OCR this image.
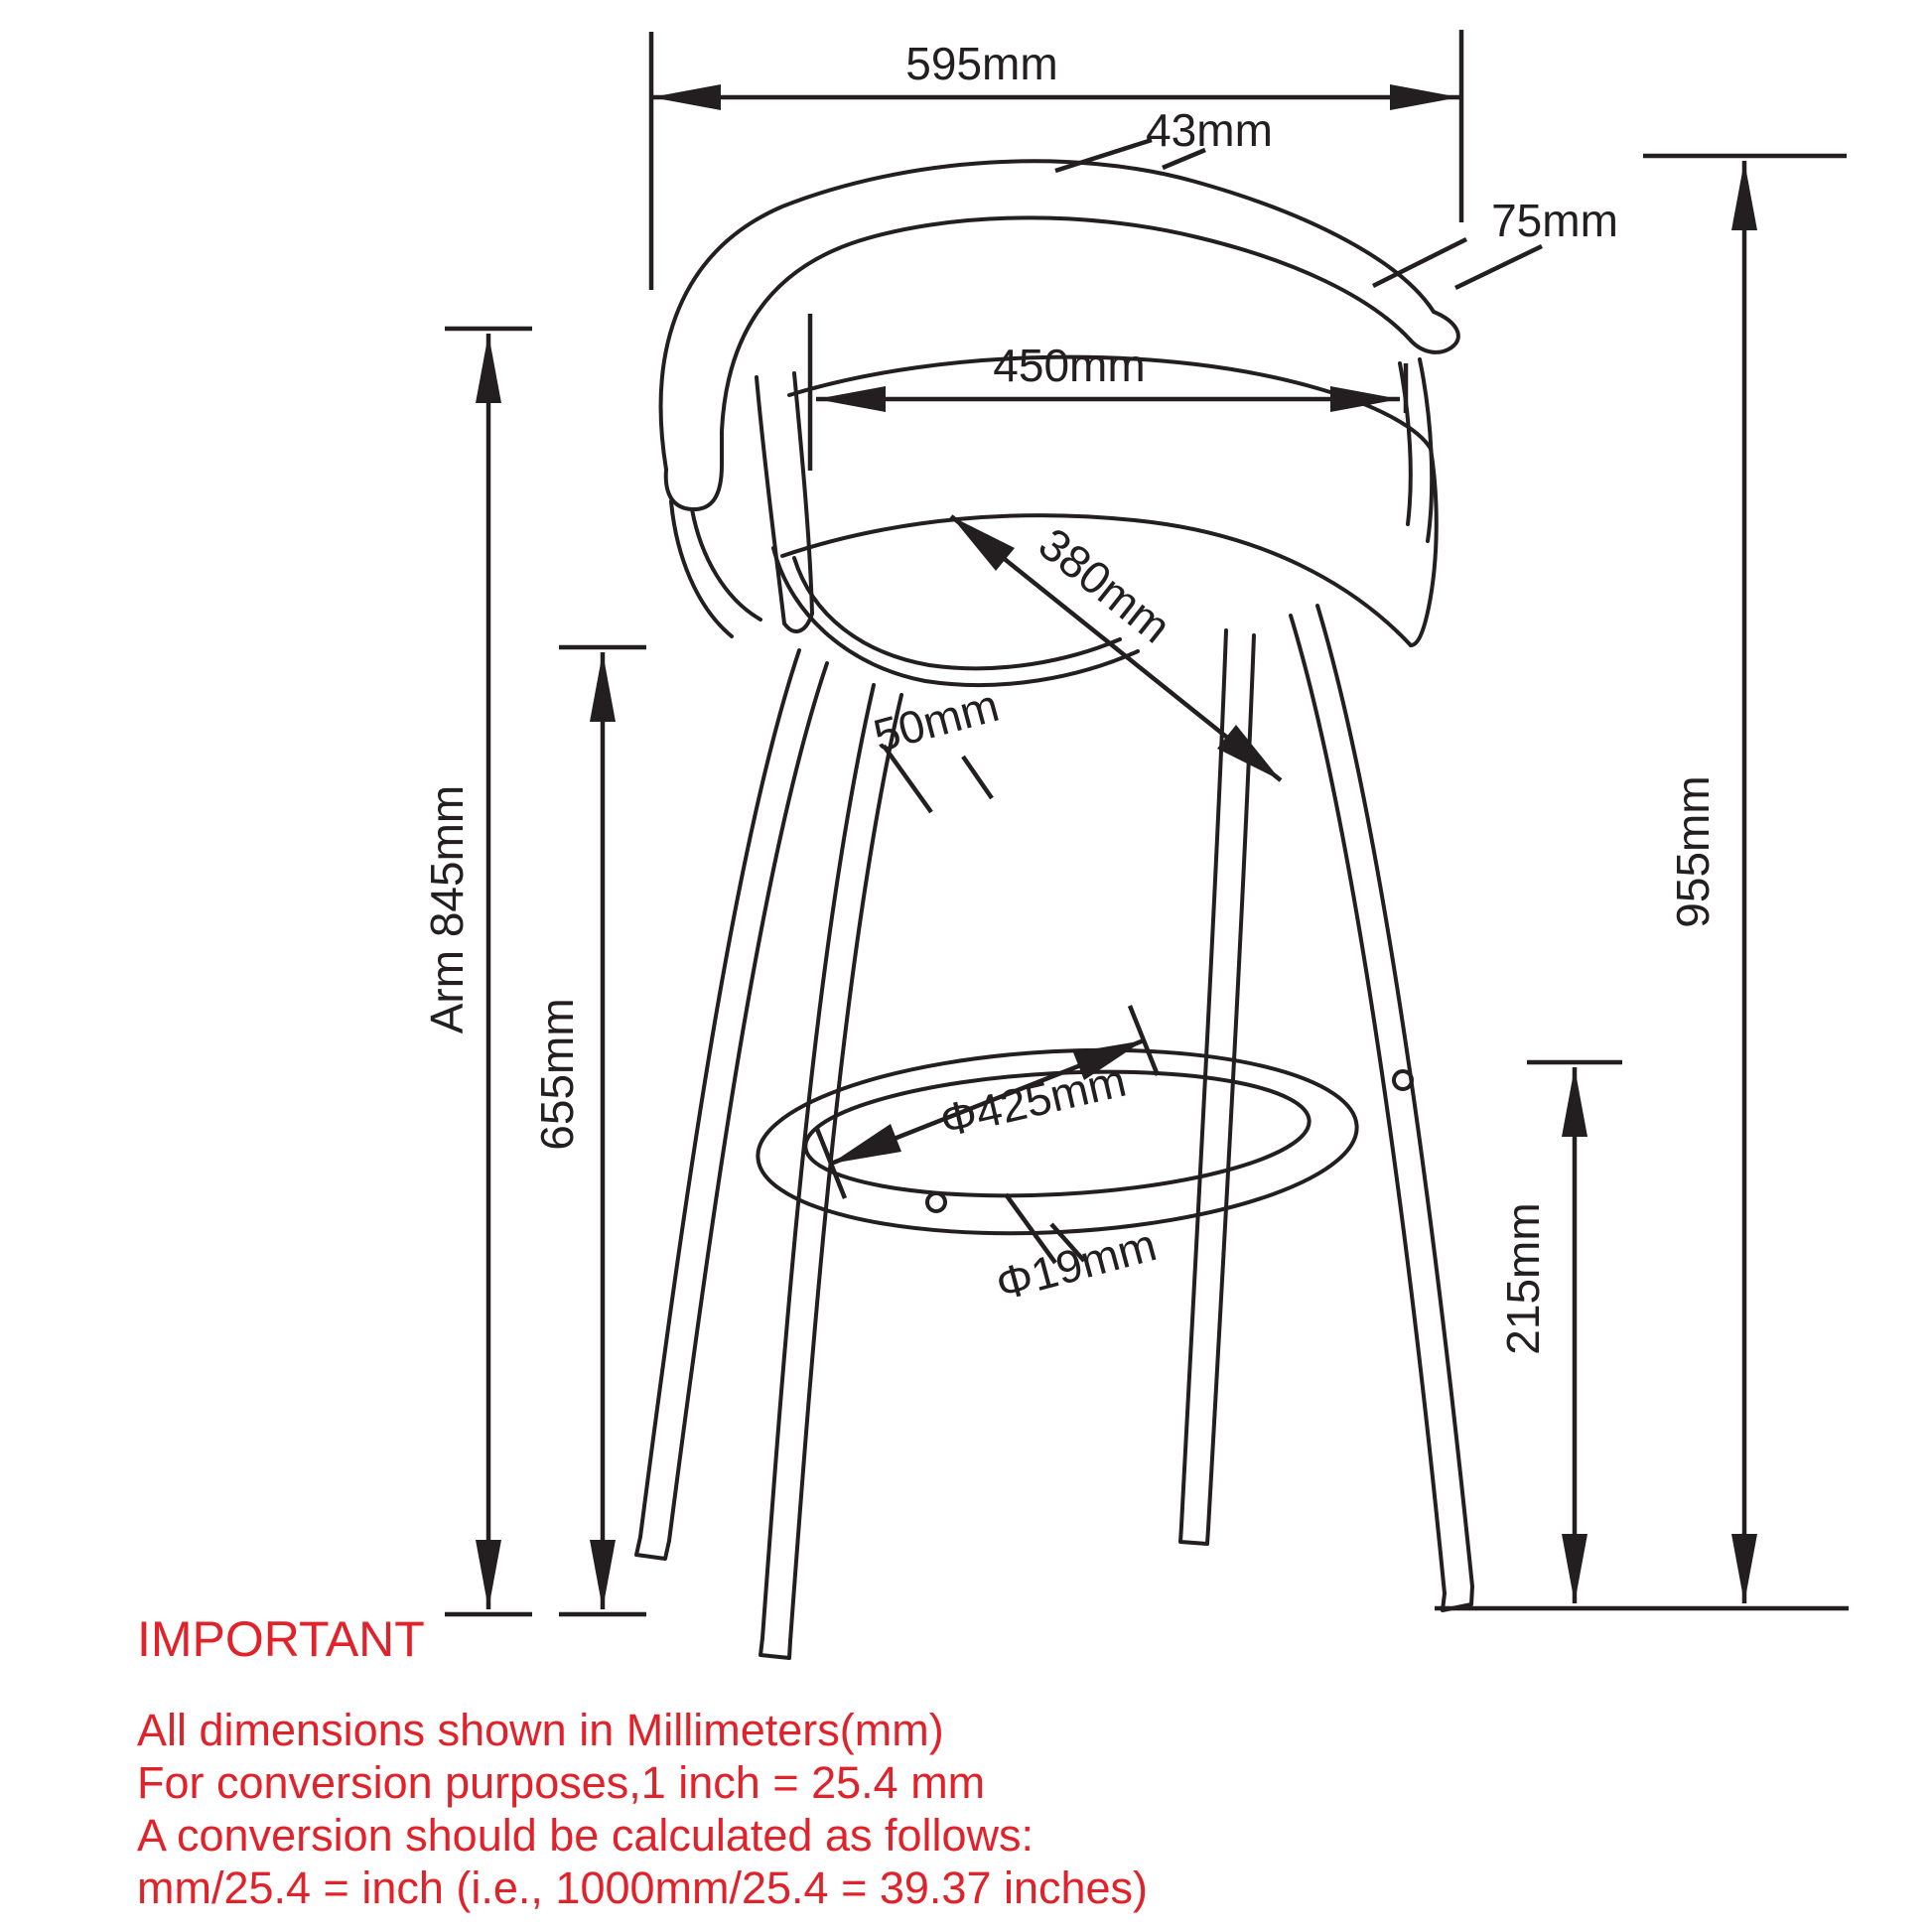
595mm
43mm
75mm
450mm
380mm
50mm
Φ425mm
Φ19mm
Arm 845mm
655mm
955mm
215mm
IMPORTANT
All dimensions shown in Millimeters(mm)
For conversion purposes,1 inch = 25.4 mm
A conversion should be calculated as follows:
mm/25.4 = inch (i.e., 1000mm/25.4 = 39.37 inches)
